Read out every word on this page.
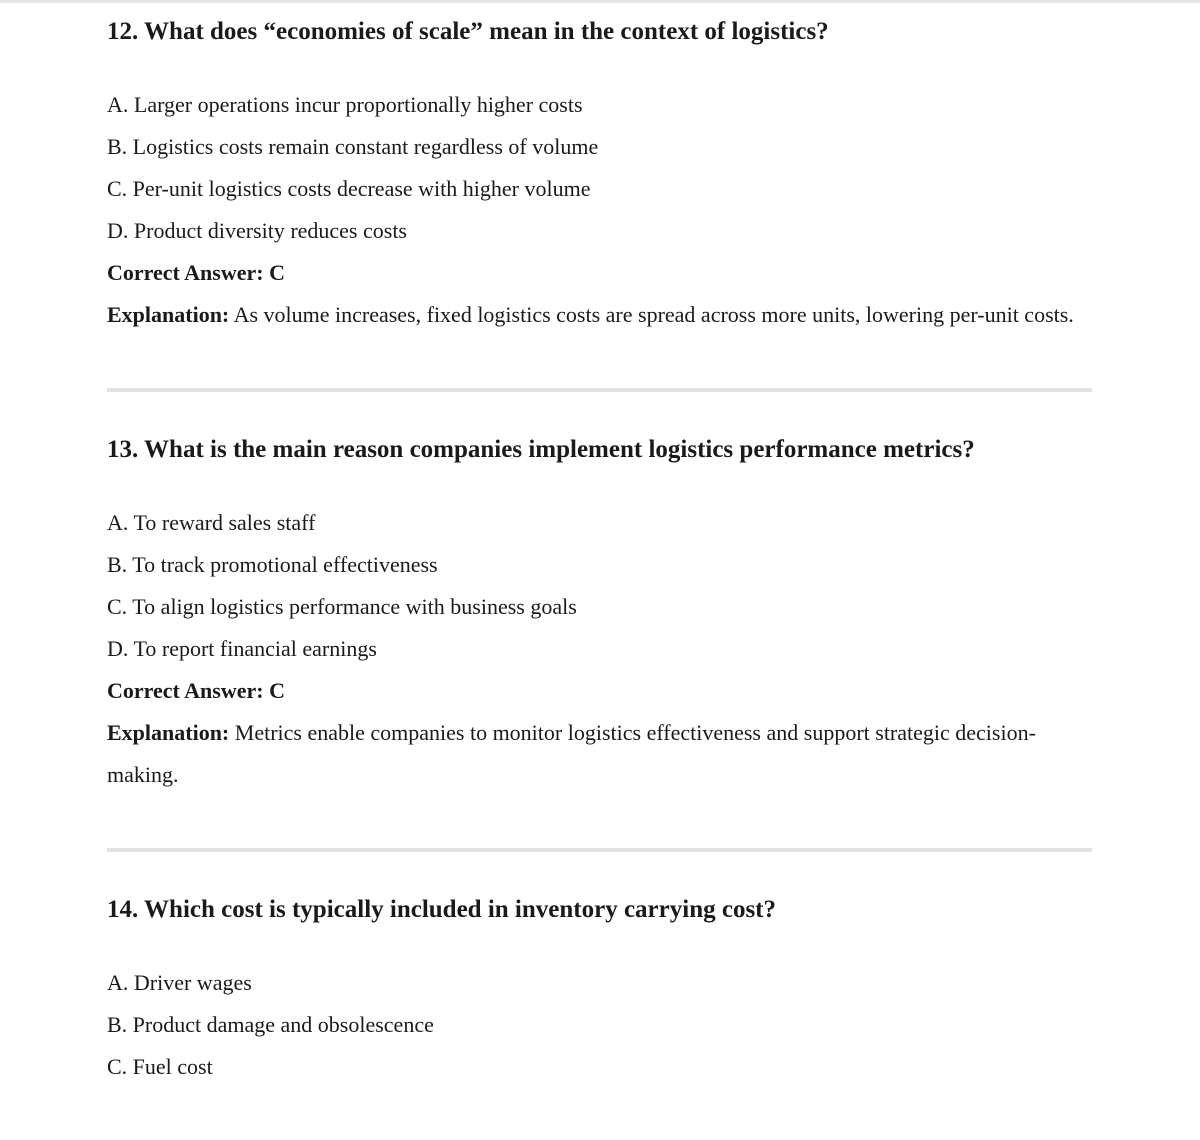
12. What does “economies of scale” mean in the context of logistics?
A. Larger operations incur proportionally higher costs
B. Logistics costs remain constant regardless of volume
C. Per-unit logistics costs decrease with higher volume
D. Product diversity reduces costs
Correct Answer: C
Explanation: As volume increases, fixed logistics costs are spread across more units, lowering per-unit costs.
13. What is the main reason companies implement logistics performance metrics?
A. To reward sales staff
B. To track promotional effectiveness
C. To align logistics performance with business goals
D. To report financial earnings
Correct Answer: C
Explanation: Metrics enable companies to monitor logistics effectiveness and support strategic decision-making.
14. Which cost is typically included in inventory carrying cost?
A. Driver wages
B. Product damage and obsolescence
C. Fuel cost
